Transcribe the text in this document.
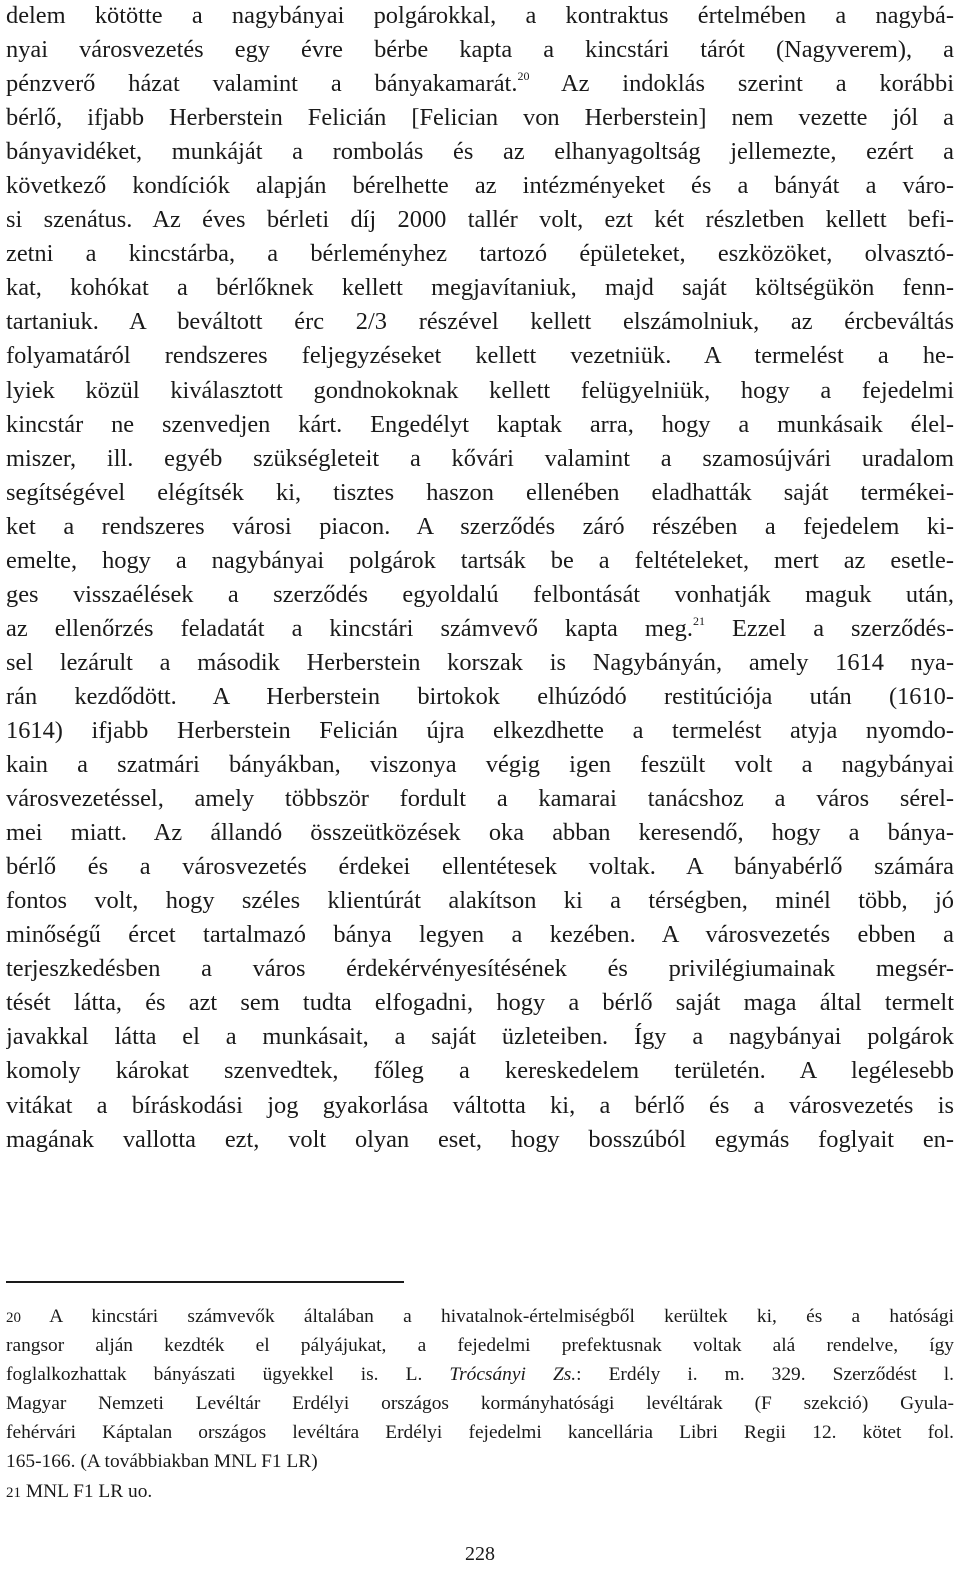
delem kötötte a nagybányai polgárokkal, a kontraktus értelmében a nagybá-
nyai városvezetés egy évre bérbe kapta a kincstári tárót (Nagyverem), a
pénzverő házat valamint a bányakamarát.$^{20}$ Az indoklás szerint a korábbi
bérlő, ifjabb Herberstein Felicián [Felician von Herberstein] nem vezette jól a
bányavidéket, munkáját a rombolás és az elhanyagoltság jellemezte, ezért a
következő kondíciók alapján bérelhette az intézményeket és a bányát a váro-
si szenátus. Az éves bérleti díj 2000 tallér volt, ezt két részletben kellett befi-
zetni a kincstárba, a bérleményhez tartozó épületeket, eszközöket, olvasztó-
kat, kohókat a bérlőknek kellett megjavítaniuk, majd saját költségükön fenn-
tartaniuk. A beváltott érc 2/3 részével kellett elszámolniuk, az ércbeváltás
folyamatáról rendszeres feljegyzéseket kellett vezetniük. A termelést a he-
lyiek közül kiválasztott gondnokoknak kellett felügyelniük, hogy a fejedelmi
kincstár ne szenvedjen kárt. Engedélyt kaptak arra, hogy a munkásaik élel-
miszer, ill. egyéb szükségleteit a kővári valamint a szamosújvári uradalom
segítségével elégítsék ki, tisztes haszon ellenében eladhatták saját termékei-
ket a rendszeres városi piacon. A szerződés záró részében a fejedelem ki-
emelte, hogy a nagybányai polgárok tartsák be a feltételeket, mert az esetle-
ges visszaélések a szerződés egyoldalú felbontását vonhatják maguk után,
az ellenőrzés feladatát a kincstári számvevő kapta meg.$^{21}$ Ezzel a szerződés-
sel lezárult a második Herberstein korszak is Nagybányán, amely 1614 nya-
rán kezdődött. A Herberstein birtokok elhúzódó restitúciója után (1610-
1614) ifjabb Herberstein Felicián újra elkezdhette a termelést atyja nyomdo-
kain a szatmári bányákban, viszonya végig igen feszült volt a nagybányai
városvezetéssel, amely többször fordult a kamarai tanácshoz a város sérel-
mei miatt. Az állandó összeütközések oka abban keresendő, hogy a bánya-
bérlő és a városvezetés érdekei ellentétesek voltak. A bányabérlő számára
fontos volt, hogy széles klientúrát alakítson ki a térségben, minél több, jó
minőségű ércet tartalmazó bánya legyen a kezében. A városvezetés ebben a
terjeszkedésben a város érdekérvényesítésének és privilégiumainak megsér-
tését látta, és azt sem tudta elfogadni, hogy a bérlő saját maga által termelt
javakkal látta el a munkásait, a saját üzleteiben. Így a nagybányai polgárok
komoly károkat szenvedtek, főleg a kereskedelem területén. A legélesebb
vitákat a bíráskodási jog gyakorlása váltotta ki, a bérlő és a városvezetés is
magának vallotta ezt, volt olyan eset, hogy bosszúból egymás foglyait en-
20 A kincstári számvevők általában a hivatalnok-értelmiségből kerültek ki, és a hatósági
rangsor alján kezdték el pályájukat, a fejedelmi prefektusnak voltak alá rendelve, így
foglalkozhattak bányászati ügyekkel is. L. Trócsányi Zs.: Erdély i. m. 329. Szerződést l.
Magyar Nemzeti Levéltár Erdélyi országos kormányhatósági levéltárak (F szekció) Gyula-
fehérvári Káptalan országos levéltára Erdélyi fejedelmi kancellária Libri Regii 12. kötet fol.
165-166. (A továbbiakban MNL F1 LR)
21 MNL F1 LR uo.
228
